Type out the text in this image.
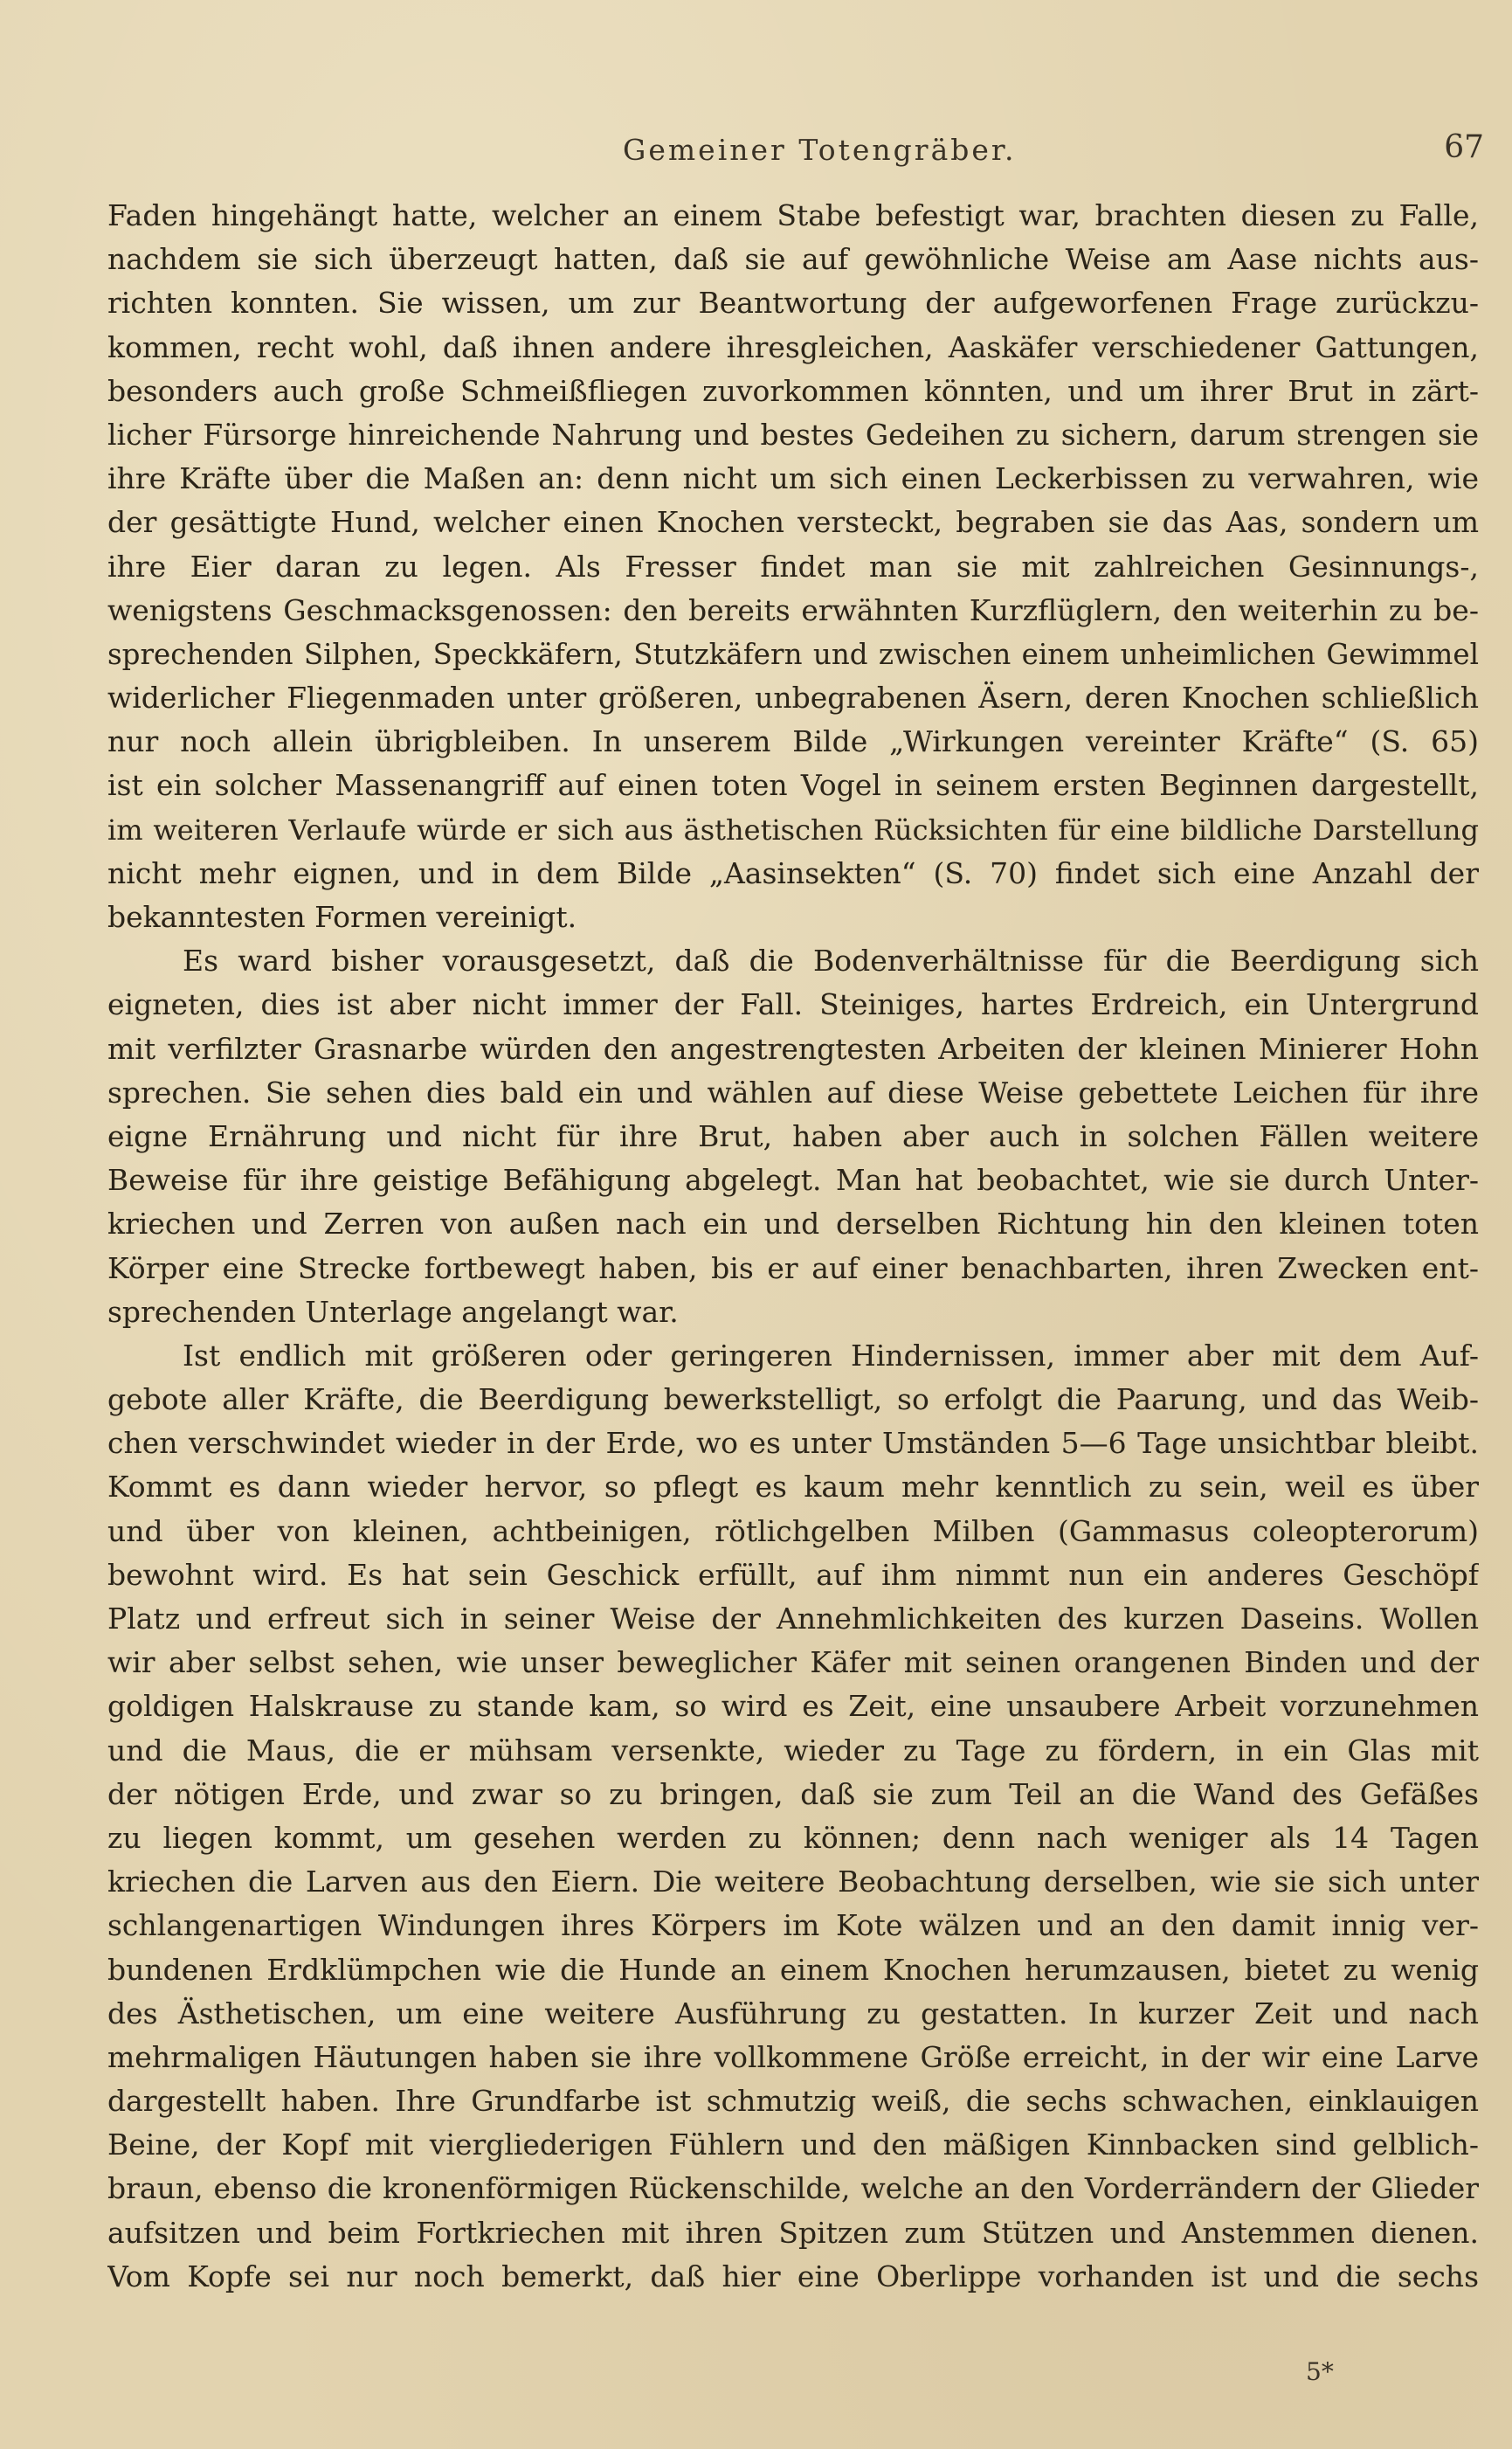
Gemeiner Totengräber.	67
Faden hingehängt hatte, welcher an einem Stabe befestigt war, brachten diesen zu Falle,
nachdem sie sich überzeugt hatten, daß sie auf gewöhnliche Weise am Aase nichts aus-
richten konnten. Sie wissen, um zur Beantwortung der aufgeworfenen Frage zurückzu-
kommen, recht wohl, daß ihnen andere ihresgleichen, Aaskäfer verschiedener Gattungen,
besonders auch große Schmeißfliegen zuvorkommen könnten, und um ihrer Brut in zärt-
licher Fürsorge hinreichende Nahrung und bestes Gedeihen zu sichern, darum strengen sie
ihre Kräfte über die Maßen an: denn nicht um sich einen Leckerbissen zu verwahren, wie
der gesättigte Hund, welcher einen Knochen versteckt, begraben sie das Aas, sondern um
ihre Eier daran zu legen. Als Fresser findet man sie mit zahlreichen Gesinnungs-,
wenigstens Geschmacksgenossen: den bereits erwähnten Kurzflüglern, den weiterhin zu be-
sprechenden Silphen, Speckkäfern, Stutzkäfern und zwischen einem unheimlichen Gewimmel
widerlicher Fliegenmaden unter größeren, unbegrabenen Äsern, deren Knochen schließlich
nur noch allein übrigbleiben. In unserem Bilde „Wirkungen vereinter Kräfte“ (S. 65)
ist ein solcher Massenangriff auf einen toten Vogel in seinem ersten Beginnen dargestellt,
im weiteren Verlaufe würde er sich aus ästhetischen Rücksichten für eine bildliche Darstellung
nicht mehr eignen, und in dem Bilde „Aasinsekten“ (S. 70) findet sich eine Anzahl der
bekanntesten Formen vereinigt.
Es ward bisher vorausgesetzt, daß die Bodenverhältnisse für die Beerdigung sich
eigneten, dies ist aber nicht immer der Fall. Steiniges, hartes Erdreich, ein Untergrund
mit verfilzter Grasnarbe würden den angestrengtesten Arbeiten der kleinen Minierer Hohn
sprechen. Sie sehen dies bald ein und wählen auf diese Weise gebettete Leichen für ihre
eigne Ernährung und nicht für ihre Brut, haben aber auch in solchen Fällen weitere
Beweise für ihre geistige Befähigung abgelegt. Man hat beobachtet, wie sie durch Unter-
kriechen und Zerren von außen nach ein und derselben Richtung hin den kleinen toten
Körper eine Strecke fortbewegt haben, bis er auf einer benachbarten, ihren Zwecken ent-
sprechenden Unterlage angelangt war.
Ist endlich mit größeren oder geringeren Hindernissen, immer aber mit dem Auf-
gebote aller Kräfte, die Beerdigung bewerkstelligt, so erfolgt die Paarung, und das Weib-
chen verschwindet wieder in der Erde, wo es unter Umständen 5—6 Tage unsichtbar bleibt.
Kommt es dann wieder hervor, so pflegt es kaum mehr kenntlich zu sein, weil es über
und über von kleinen, achtbeinigen, rötlichgelben Milben (Gammasus coleopterorum)
bewohnt wird. Es hat sein Geschick erfüllt, auf ihm nimmt nun ein anderes Geschöpf
Platz und erfreut sich in seiner Weise der Annehmlichkeiten des kurzen Daseins. Wollen
wir aber selbst sehen, wie unser beweglicher Käfer mit seinen orangenen Binden und der
goldigen Halskrause zu stande kam, so wird es Zeit, eine unsaubere Arbeit vorzunehmen
und die Maus, die er mühsam versenkte, wieder zu Tage zu fördern, in ein Glas mit
der nötigen Erde, und zwar so zu bringen, daß sie zum Teil an die Wand des Gefäßes
zu liegen kommt, um gesehen werden zu können; denn nach weniger als 14 Tagen
kriechen die Larven aus den Eiern. Die weitere Beobachtung derselben, wie sie sich unter
schlangenartigen Windungen ihres Körpers im Kote wälzen und an den damit innig ver-
bundenen Erdklümpchen wie die Hunde an einem Knochen herumzausen, bietet zu wenig
des Ästhetischen, um eine weitere Ausführung zu gestatten. In kurzer Zeit und nach
mehrmaligen Häutungen haben sie ihre vollkommene Größe erreicht, in der wir eine Larve
dargestellt haben. Ihre Grundfarbe ist schmutzig weiß, die sechs schwachen, einklauigen
Beine, der Kopf mit viergliederigen Fühlern und den mäßigen Kinnbacken sind gelblich-
braun, ebenso die kronenförmigen Rückenschilde, welche an den Vorderrändern der Glieder
aufsitzen und beim Fortkriechen mit ihren Spitzen zum Stützen und Anstemmen dienen.
Vom Kopfe sei nur noch bemerkt, daß hier eine Oberlippe vorhanden ist und die sechs
5*
